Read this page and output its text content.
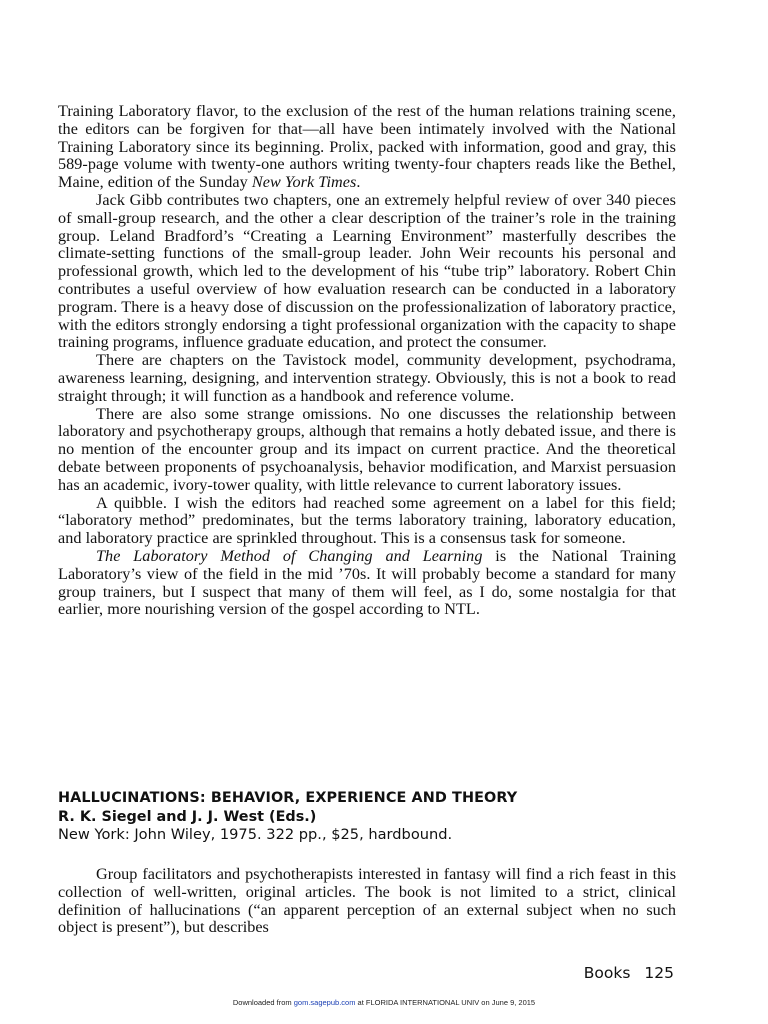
Training Laboratory flavor, to the exclusion of the rest of the human relations training scene, the editors can be forgiven for that—all have been intimately involved with the National Training Laboratory since its beginning. Prolix, packed with information, good and gray, this 589-page volume with twenty-one authors writing twenty-four chapters reads like the Bethel, Maine, edition of the Sunday New York Times.

Jack Gibb contributes two chapters, one an extremely helpful review of over 340 pieces of small-group research, and the other a clear description of the trainer’s role in the training group. Leland Bradford’s “Creating a Learning Environment” masterfully describes the climate-setting functions of the small-group leader. John Weir recounts his personal and professional growth, which led to the development of his “tube trip” laboratory. Robert Chin contributes a useful overview of how evaluation research can be conducted in a laboratory program. There is a heavy dose of discussion on the professionalization of laboratory practice, with the editors strongly endorsing a tight professional organization with the capacity to shape training programs, influence graduate education, and protect the consumer.

There are chapters on the Tavistock model, community development, psychodrama, awareness learning, designing, and intervention strategy. Obviously, this is not a book to read straight through; it will function as a handbook and reference volume.

There are also some strange omissions. No one discusses the relationship between laboratory and psychotherapy groups, although that remains a hotly debated issue, and there is no mention of the encounter group and its impact on current practice. And the theoretical debate between proponents of psychoanalysis, behavior modification, and Marxist persuasion has an academic, ivory-tower quality, with little relevance to current laboratory issues.

A quibble. I wish the editors had reached some agreement on a label for this field; “laboratory method” predominates, but the terms laboratory training, laboratory education, and laboratory practice are sprinkled throughout. This is a consensus task for someone.

The Laboratory Method of Changing and Learning is the National Training Laboratory’s view of the field in the mid ’70s. It will probably become a standard for many group trainers, but I suspect that many of them will feel, as I do, some nostalgia for that earlier, more nourishing version of the gospel according to NTL.

HALLUCINATIONS: BEHAVIOR, EXPERIENCE AND THEORY
R. K. Siegel and J. J. West (Eds.)
New York: John Wiley, 1975. 322 pp., $25, hardbound.

Group facilitators and psychotherapists interested in fantasy will find a rich feast in this collection of well-written, original articles. The book is not limited to a strict, clinical definition of hallucinations (“an apparent perception of an external subject when no such object is present”), but describes

Books 125
Downloaded from gom.sagepub.com at FLORIDA INTERNATIONAL UNIV on June 9, 2015
